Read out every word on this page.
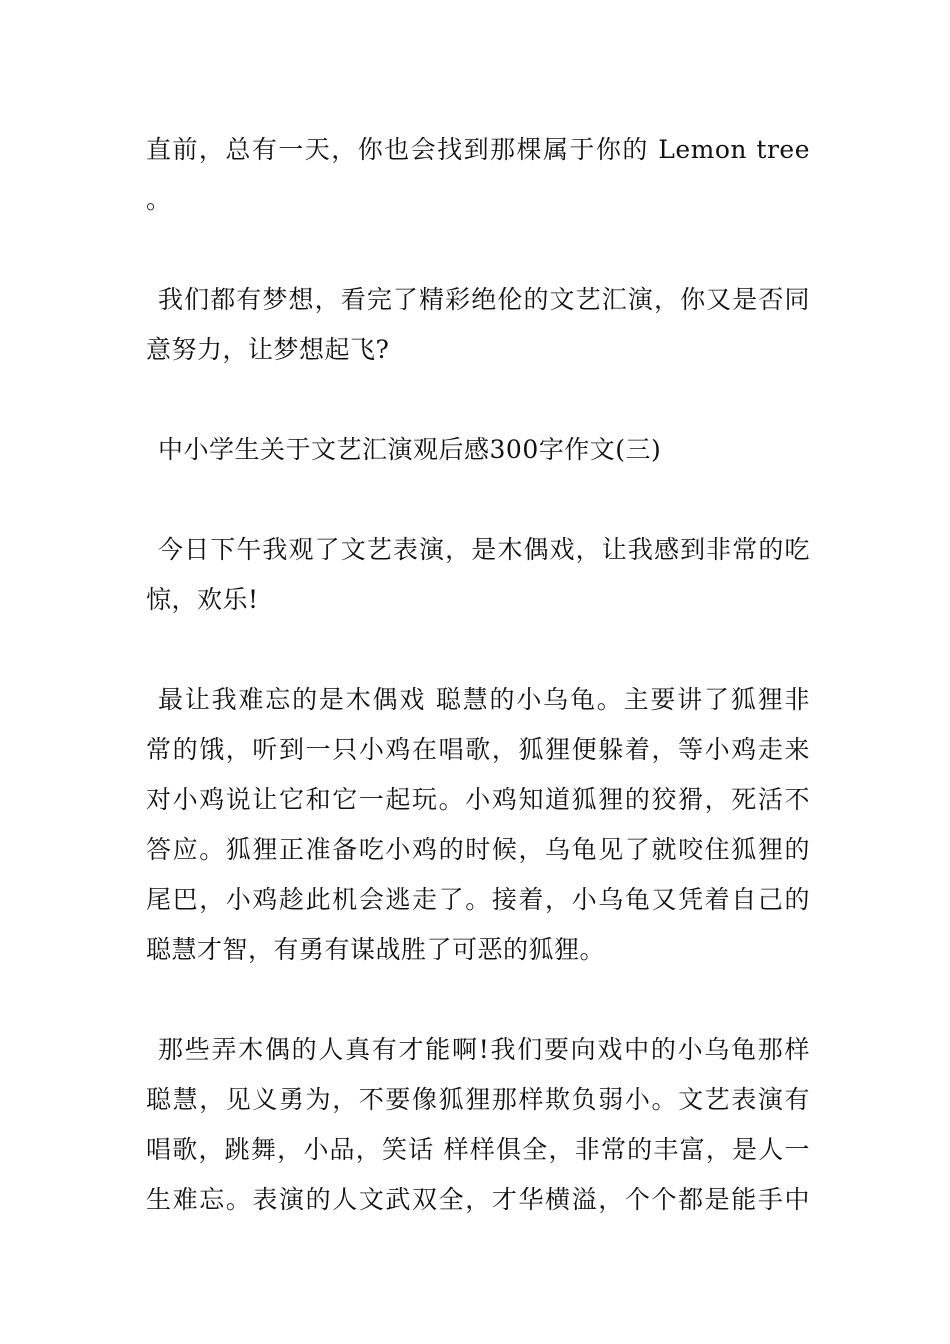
直前，总有一天，你也会找到那棵属于你的 Lemon tree
。
我们都有梦想，看完了精彩绝伦的文艺汇演，你又是否同
意努力，让梦想起飞?
中小学生关于文艺汇演观后感300字作文(三)
今日下午我观了文艺表演，是木偶戏，让我感到非常的吃
惊，欢乐!
最让我难忘的是木偶戏 聪慧的小乌龟。主要讲了狐狸非
常的饿，听到一只小鸡在唱歌，狐狸便躲着，等小鸡走来
对小鸡说让它和它一起玩。小鸡知道狐狸的狡猾，死活不
答应。狐狸正准备吃小鸡的时候，乌龟见了就咬住狐狸的
尾巴，小鸡趁此机会逃走了。接着，小乌龟又凭着自己的
聪慧才智，有勇有谋战胜了可恶的狐狸。
那些弄木偶的人真有才能啊!我们要向戏中的小乌龟那样
聪慧，见义勇为，不要像狐狸那样欺负弱小。文艺表演有
唱歌，跳舞，小品，笑话 样样俱全，非常的丰富，是人一
生难忘。表演的人文武双全，才华横溢，个个都是能手中
